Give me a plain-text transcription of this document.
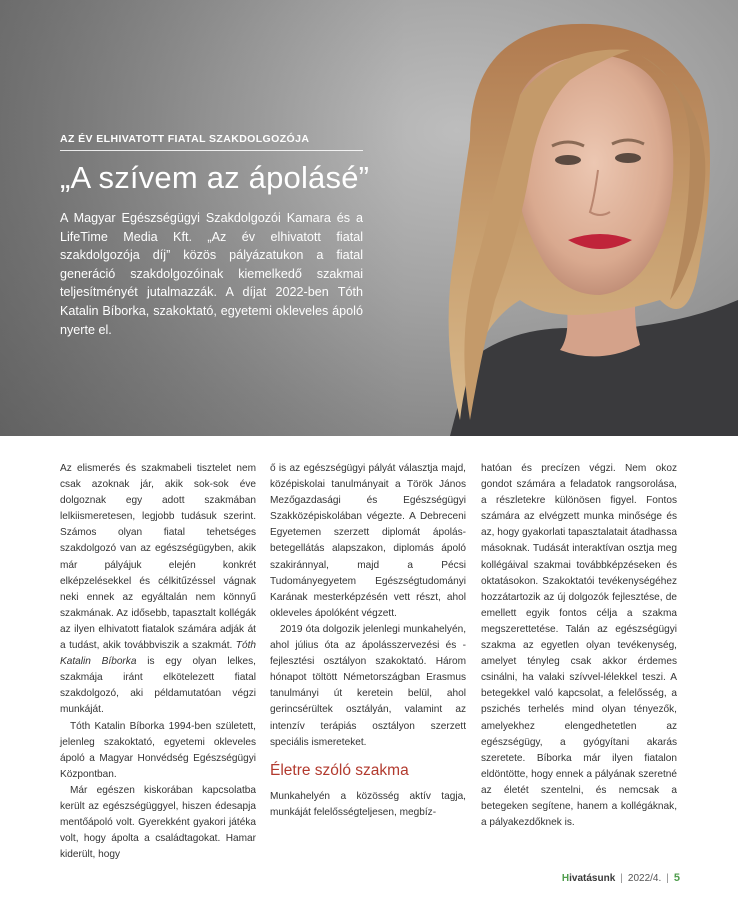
AZ ÉV ELHIVATOTT FIATAL SZAKDOLGOZÓJA
„A szívem az ápolásé”

A Magyar Egészségügyi Szakdolgozói Kamara és a LifeTime Media Kft. „Az év elhivatott fiatal szakdolgozója díj” közös pályázatukon a fiatal generáció szakdolgozóinak kiemelkedő szakmai teljesítményét jutalmazzák. A díjat 2022-ben Tóth Katalin Bíborka, szakoktató, egyetemi okleveles ápoló nyerte el.

Az elismerés és szakmabeli tisztelet nem csak azoknak jár, akik sok-sok éve dolgoznak egy adott szakmában lelkiismeretesen, legjobb tudásuk szerint. Számos olyan fiatal tehetséges szakdolgozó van az egészségügyben, akik már pályájuk elején konkrét elképzelésekkel és célkitűzéssel vágnak neki ennek az egyáltalán nem könnyű szakmának. Az idősebb, tapasztalt kollégák az ilyen elhivatott fiatalok számára adják át a tudást, akik továbbviszik a szakmát. Tóth Katalin Bíborka is egy olyan lelkes, szakmája iránt elkötelezett fiatal szakdolgozó, aki példamutatóan végzi munkáját.

Tóth Katalin Bíborka 1994-ben született, jelenleg szakoktató, egyetemi okleveles ápoló a Magyar Honvédség Egészségügyi Központban.

Már egészen kiskorában kapcsolatba került az egészségüggyel, hiszen édesapja mentőápoló volt. Gyerekként gyakori játéka volt, hogy ápolta a családtagokat. Hamar kiderült, hogy

ő is az egészségügyi pályát választja majd, középiskolai tanulmányait a Török János Mezőgazdasági és Egészségügyi Szakközépiskolában végezte. A Debreceni Egyetemen szerzett diplomát ápolás-betegellátás alapszakon, diplomás ápoló szakiránnyal, majd a Pécsi Tudományegyetem Egészségtudományi Karának mesterképzésén vett részt, ahol okleveles ápolóként végzett.

2019 óta dolgozik jelenlegi munkahelyén, ahol július óta az ápolásszervezési és -fejlesztési osztályon szakoktató. Három hónapot töltött Németországban Erasmus tanulmányi út keretein belül, ahol gerincsérültek osztályán, valamint az intenzív terápiás osztályon szerzett speciális ismereteket.

Életre szóló szakma

Munkahelyén a közösség aktív tagja, munkáját felelősségteljesen, megbíz-

hatóan és precízen végzi. Nem okoz gondot számára a feladatok rangsorolása, a részletekre különösen figyel. Fontos számára az elvégzett munka minősége és az, hogy gyakorlati tapasztalatait átadhassa másoknak. Tudását interaktívan osztja meg kollégáival szakmai továbbképzéseken és oktatásokon. Szakoktatói tevékenységéhez hozzátartozik az új dolgozók fejlesztése, de emellett egyik fontos célja a szakma megszerettetése. Talán az egészségügyi szakma az egyetlen olyan tevékenység, amelyet tényleg csak akkor érdemes csinálni, ha valaki szívvel-lélekkel teszi. A betegekkel való kapcsolat, a felelősség, a pszichés terhelés mind olyan tényezők, amelyekhez elengedhetetlen az egészségügy, a gyógyítani akarás szeretete. Bíborka már ilyen fiatalon eldöntötte, hogy ennek a pályának szeretné az életét szentelni, és nemcsak a betegeken segítene, hanem a kollégáknak, a pályakezdőknek is.

Hivatásunk | 2022/4. | 5
